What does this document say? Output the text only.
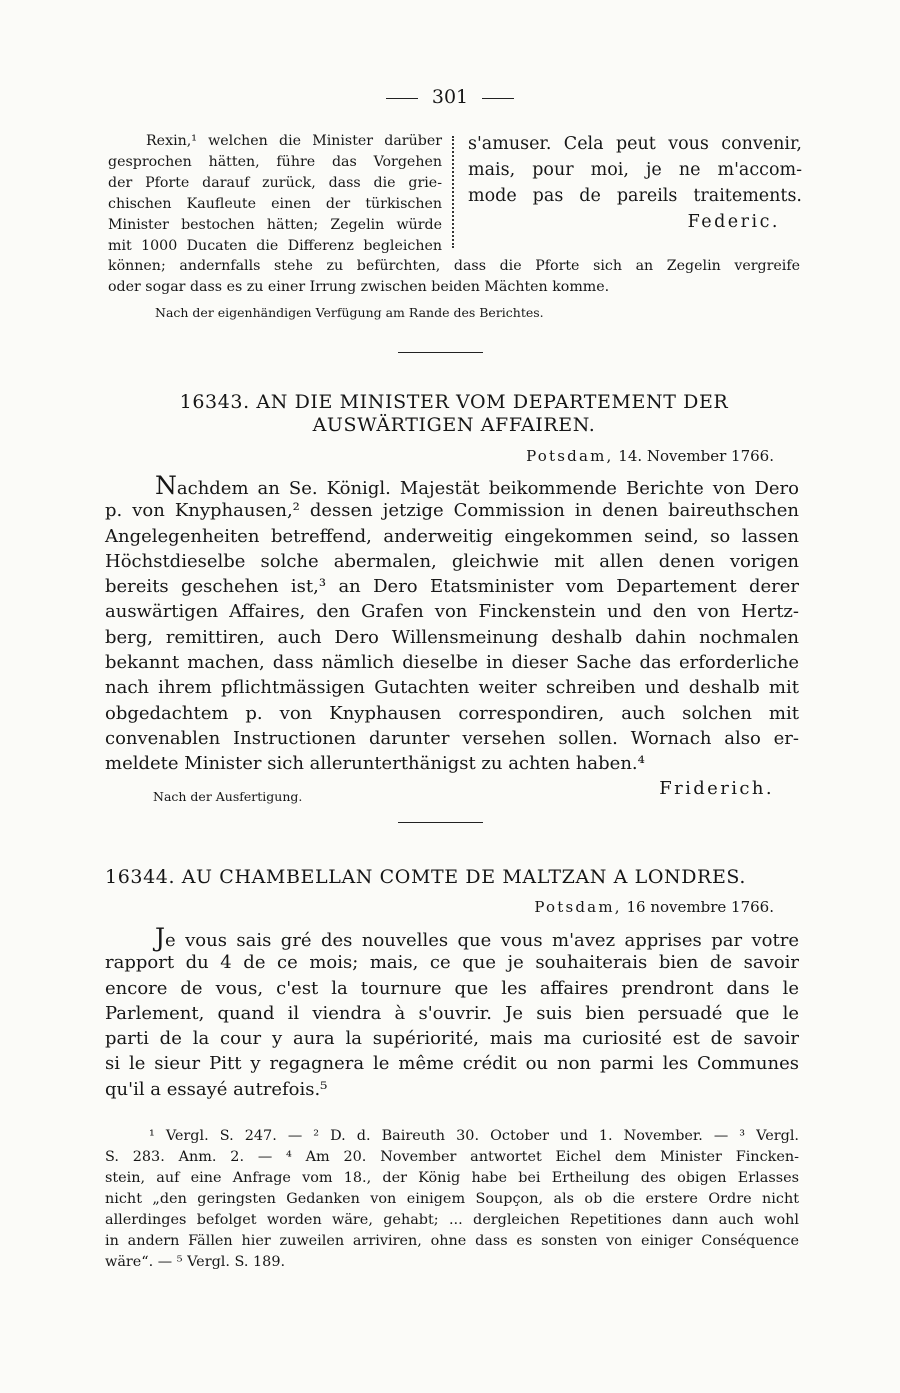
301
Rexin,¹ welchen die Minister darüber
gesprochen hätten, führe das Vorgehen
der Pforte darauf zurück, dass die grie-
chischen Kaufleute einen der türkischen
Minister bestochen hätten; Zegelin würde
mit 1000 Ducaten die Differenz begleichen
s'amuser. Cela peut vous convenir,
mais, pour moi, je ne m'accom-
mode pas de pareils traitements.
Federic.
können; andernfalls stehe zu befürchten, dass die Pforte sich an Zegelin vergreife
oder sogar dass es zu einer Irrung zwischen beiden Mächten komme.
Nach der eigenhändigen Verfügung am Rande des Berichtes.
16343. AN DIE MINISTER VOM DEPARTEMENT DER
AUSWÄRTIGEN AFFAIREN.
Potsdam, 14. November 1766.
Nachdem an Se. Königl. Majestät beikommende Berichte von Dero
p. von Knyphausen,² dessen jetzige Commission in denen baireuthschen
Angelegenheiten betreffend, anderweitig eingekommen seind, so lassen
Höchstdieselbe solche abermalen, gleichwie mit allen denen vorigen
bereits geschehen ist,³ an Dero Etatsminister vom Departement derer
auswärtigen Affaires, den Grafen von Finckenstein und den von Hertz-
berg, remittiren, auch Dero Willensmeinung deshalb dahin nochmalen
bekannt machen, dass nämlich dieselbe in dieser Sache das erforderliche
nach ihrem pflichtmässigen Gutachten weiter schreiben und deshalb mit
obgedachtem p. von Knyphausen correspondiren, auch solchen mit
convenablen Instructionen darunter versehen sollen. Wornach also er-
meldete Minister sich allerunterthänigst zu achten haben.⁴
Nach der Ausfertigung.	Friderich.
16344. AU CHAMBELLAN COMTE DE MALTZAN A LONDRES.
Potsdam, 16 novembre 1766.
Je vous sais gré des nouvelles que vous m'avez apprises par votre
rapport du 4 de ce mois; mais, ce que je souhaiterais bien de savoir
encore de vous, c'est la tournure que les affaires prendront dans le
Parlement, quand il viendra à s'ouvrir. Je suis bien persuadé que le
parti de la cour y aura la supériorité, mais ma curiosité est de savoir
si le sieur Pitt y regagnera le même crédit ou non parmi les Communes
qu'il a essayé autrefois.⁵
¹ Vergl. S. 247. — ² D. d. Baireuth 30. October und 1. November. — ³ Vergl.
S. 283. Anm. 2. — ⁴ Am 20. November antwortet Eichel dem Minister Fincken-
stein, auf eine Anfrage vom 18., der König habe bei Ertheilung des obigen Erlasses
nicht „den geringsten Gedanken von einigem Soupçon, als ob die erstere Ordre nicht
allerdinges befolget worden wäre, gehabt; ... dergleichen Repetitiones dann auch wohl
in andern Fällen hier zuweilen arriviren, ohne dass es sonsten von einiger Conséquence
wäre“. — ⁵ Vergl. S. 189.
